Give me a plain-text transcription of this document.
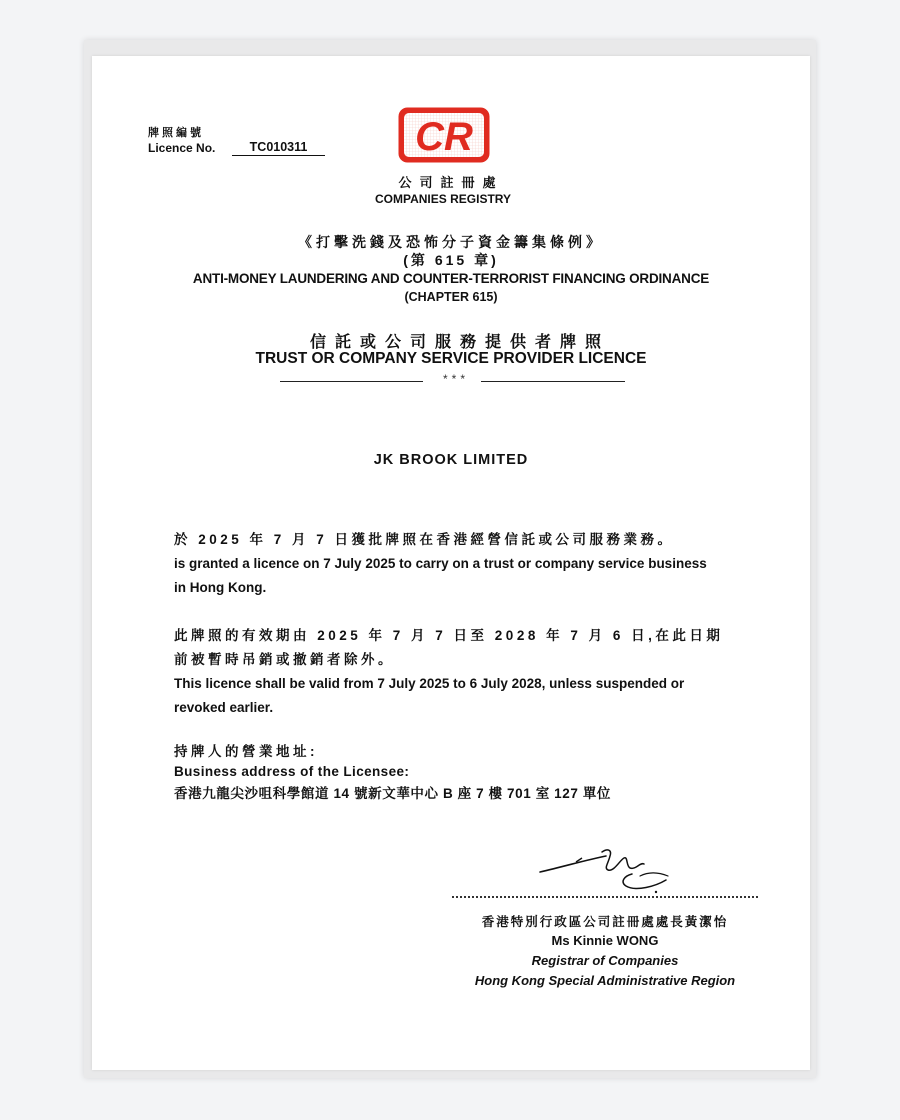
牌照編號
Licence No.	TC010311	CR
公司註冊處
COMPANIES REGISTRY
《打擊洗錢及恐怖分子資金籌集條例》
(第 615 章)
ANTI-MONEY LAUNDERING AND COUNTER-TERRORIST FINANCING ORDINANCE
(CHAPTER 615)
信託或公司服務提供者牌照
TRUST OR COMPANY SERVICE PROVIDER LICENCE
***
JK BROOK LIMITED
於 2025 年 7 月 7 日獲批牌照在香港經營信託或公司服務業務。
is granted a licence on 7 July 2025 to carry on a trust or company service business
in Hong Kong.
此牌照的有效期由 2025 年 7 月 7 日至 2028 年 7 月 6 日,在此日期
前被暫時吊銷或撤銷者除外。
This licence shall be valid from 7 July 2025 to 6 July 2028, unless suspended or
revoked earlier.
持牌人的營業地址:
Business address of the Licensee:
香港九龍尖沙咀科學館道 14 號新文華中心 B 座 7 樓 701 室 127 單位
香港特別行政區公司註冊處處長黃潔怡
Ms Kinnie WONG
Registrar of Companies
Hong Kong Special Administrative Region
